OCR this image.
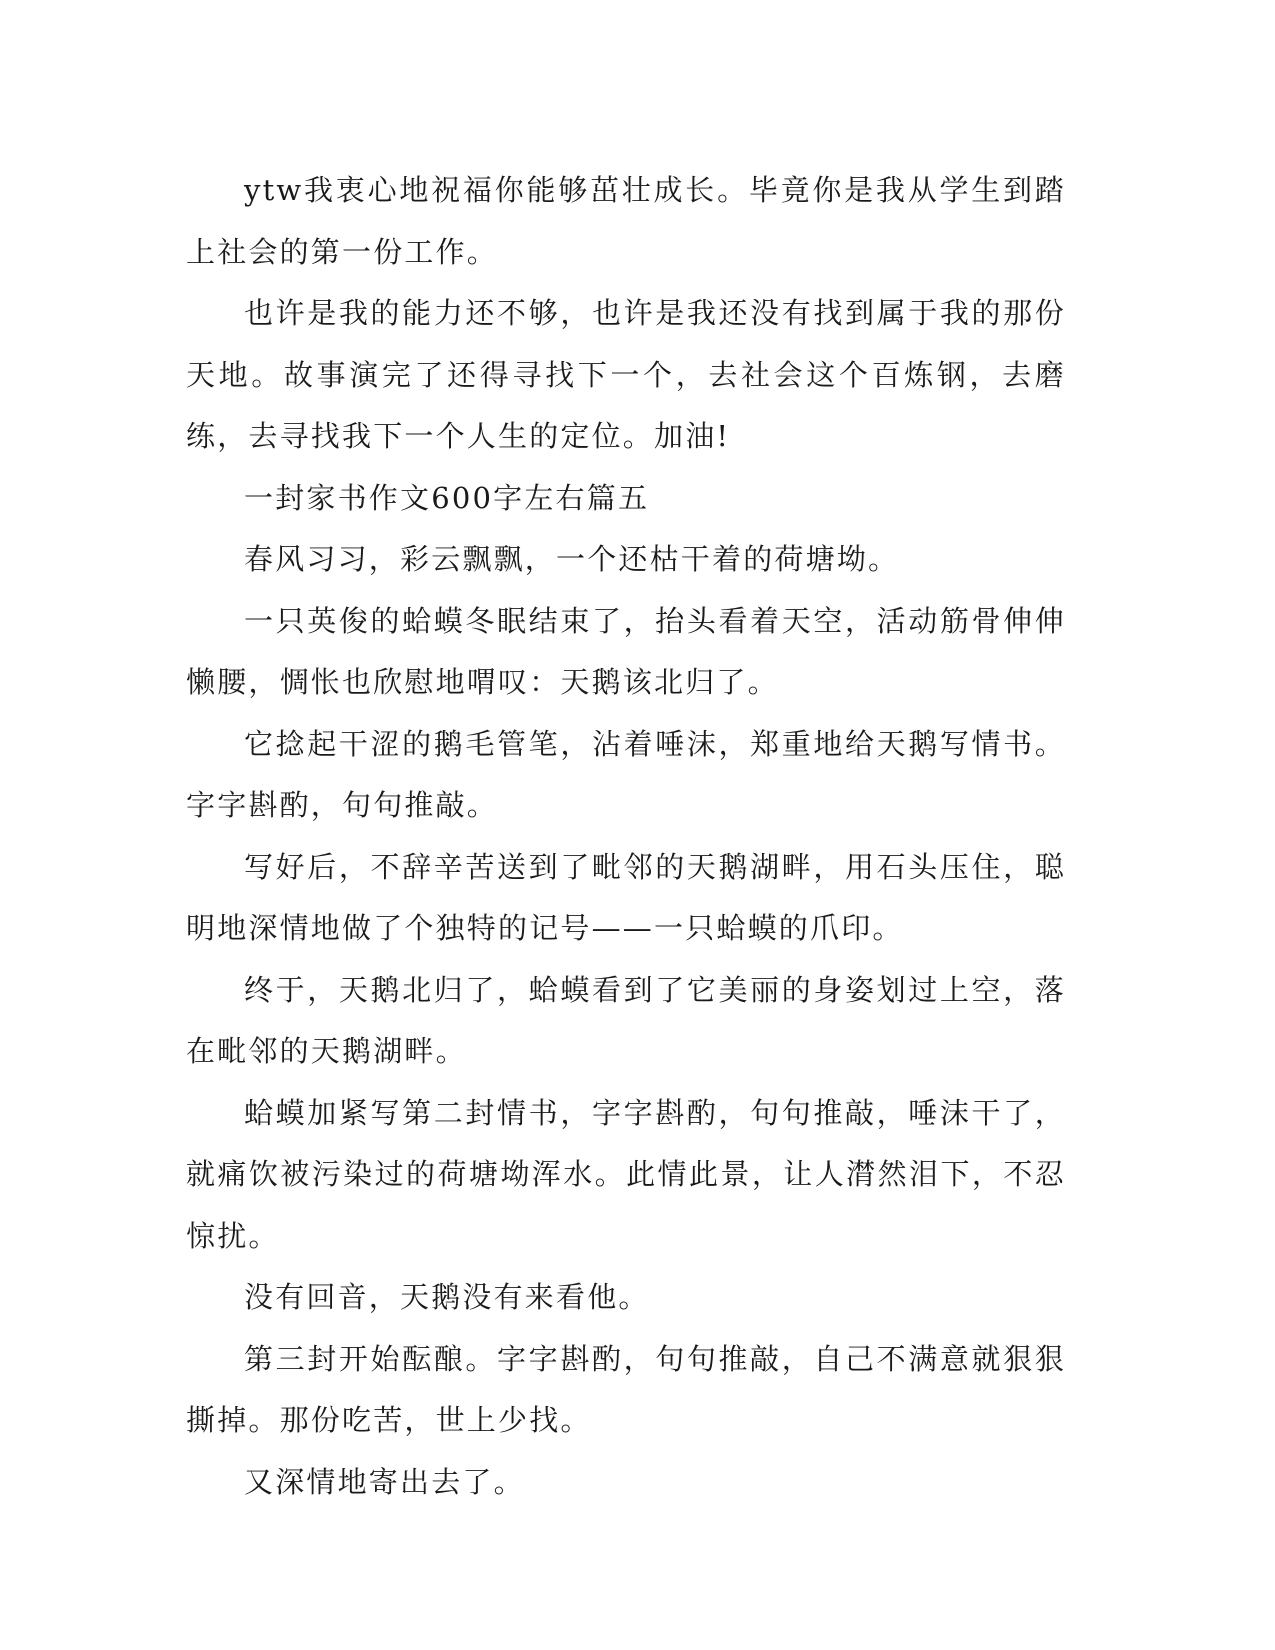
ytw我衷心地祝福你能够茁壮成长。毕竟你是我从学生到踏上社会的第一份工作。

也许是我的能力还不够，也许是我还没有找到属于我的那份天地。故事演完了还得寻找下一个，去社会这个百炼钢，去磨练，去寻找我下一个人生的定位。加油!

一封家书作文600字左右篇五

春风习习，彩云飘飘，一个还枯干着的荷塘坳。

一只英俊的蛤蟆冬眠结束了，抬头看着天空，活动筋骨伸伸懒腰，惆怅也欣慰地喟叹：天鹅该北归了。

它捻起干涩的鹅毛管笔，沾着唾沫，郑重地给天鹅写情书。字字斟酌，句句推敲。

写好后，不辞辛苦送到了毗邻的天鹅湖畔，用石头压住，聪明地深情地做了个独特的记号——一只蛤蟆的爪印。

终于，天鹅北归了，蛤蟆看到了它美丽的身姿划过上空，落在毗邻的天鹅湖畔。

蛤蟆加紧写第二封情书，字字斟酌，句句推敲，唾沫干了，就痛饮被污染过的荷塘坳浑水。此情此景，让人潸然泪下，不忍惊扰。

没有回音，天鹅没有来看他。

第三封开始酝酿。字字斟酌，句句推敲，自己不满意就狠狠撕掉。那份吃苦，世上少找。

又深情地寄出去了。
